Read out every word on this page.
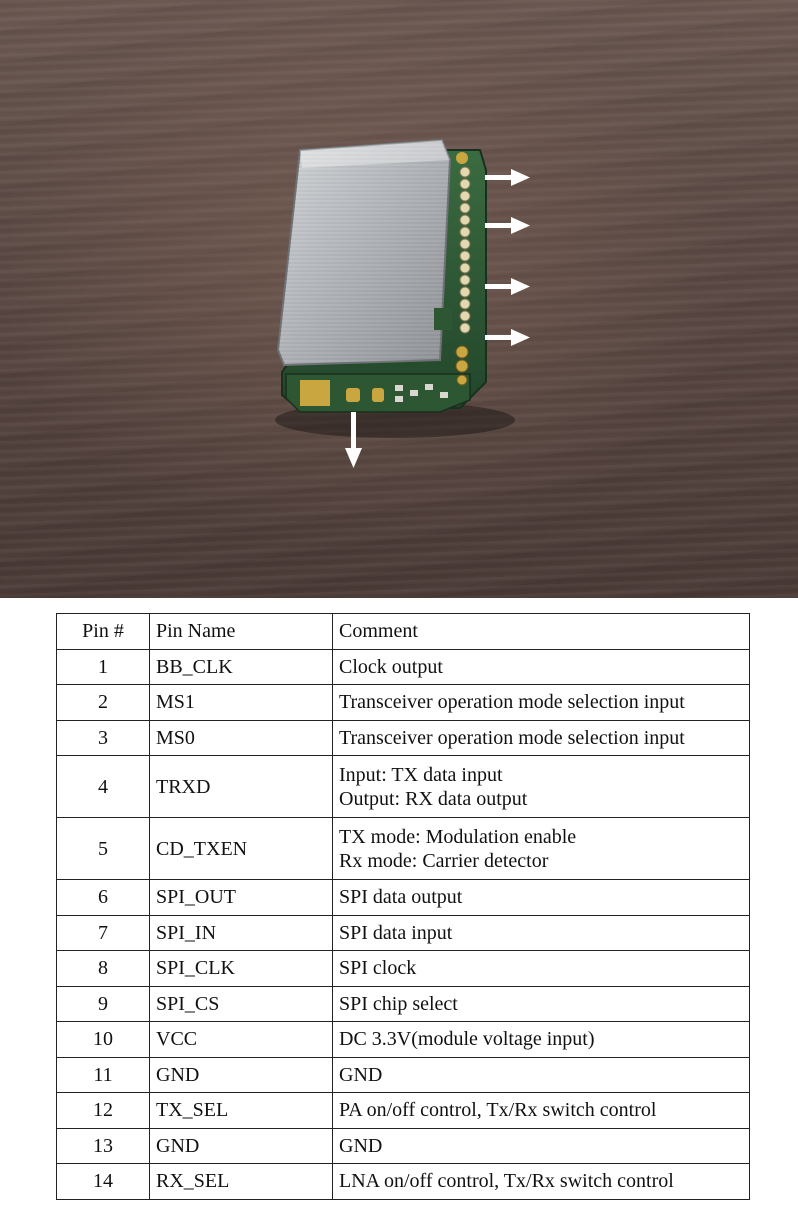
Pin #	Pin Name	Comment
1	BB_CLK	Clock output

2	MS1	Transceiver operation mode selection input

3	MS0	Transceiver operation mode selection input

4	TRXD	Input: TX data input
Output: RX data output

5	CD_TXEN	TX mode: Modulation enable
Rx mode: Carrier detector

6	SPI_OUT	SPI data output

7	SPI_IN	SPI data input

8	SPI_CLK	SPI clock

9	SPI_CS	SPI chip select

10	VCC	DC 3.3V(module voltage input)

11	GND	GND

12	TX_SEL	PA on/off control, Tx/Rx switch control

13	GND	GND

14	RX_SEL	LNA on/off control, Tx/Rx switch control
